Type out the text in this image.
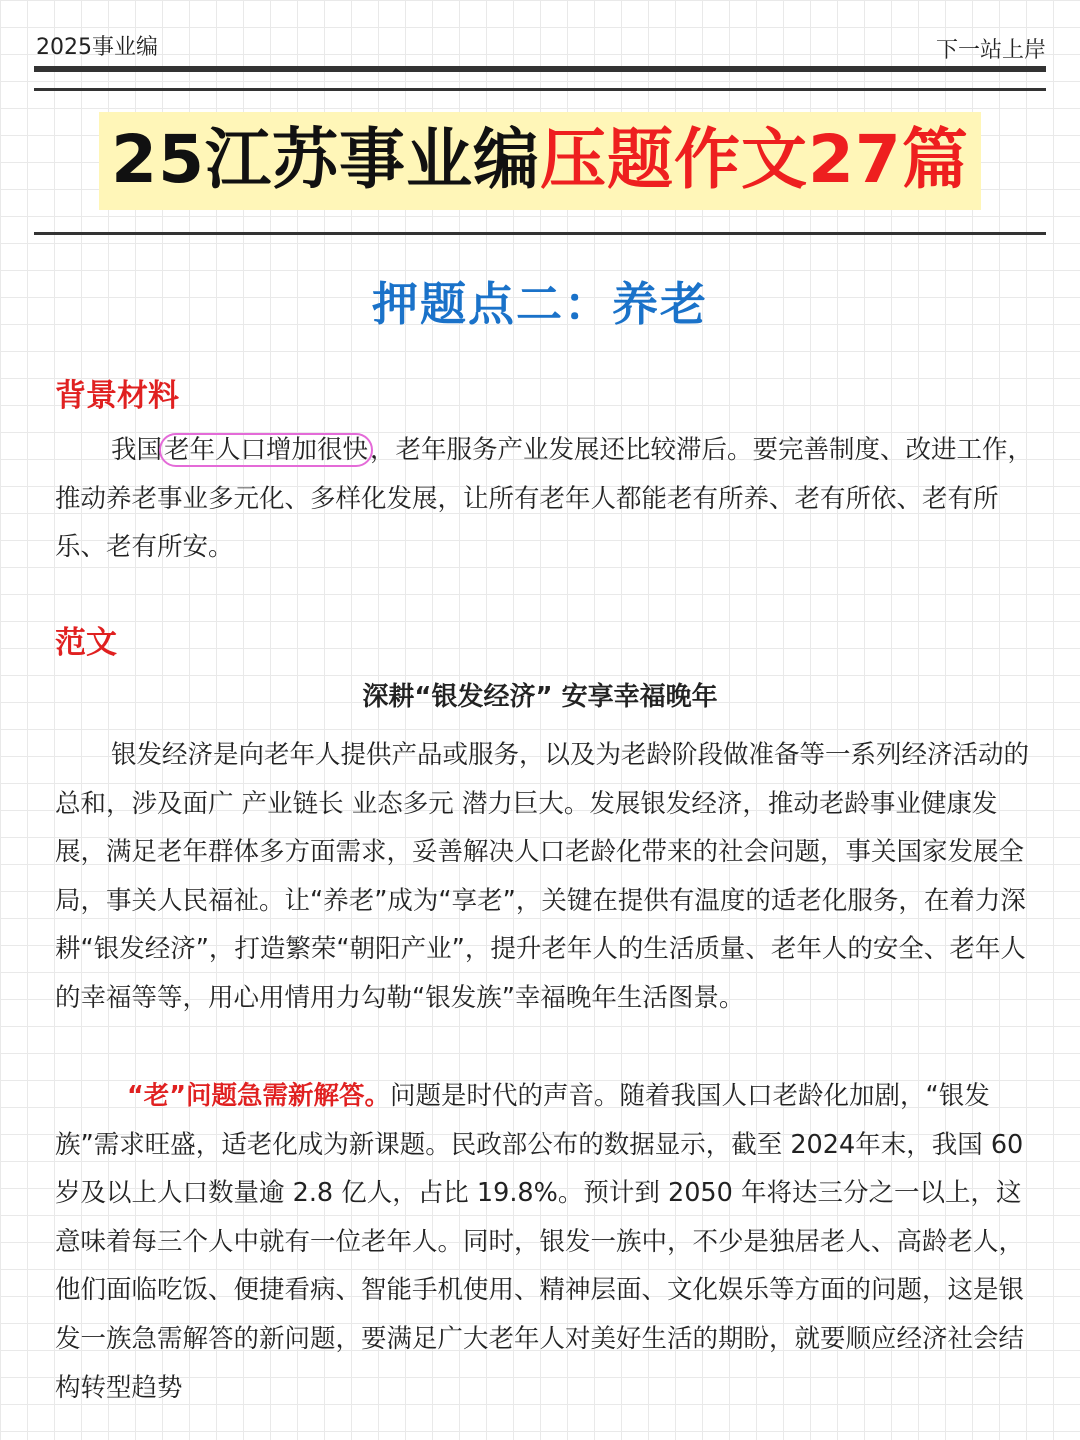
2025事业编	下一站上岸
25江苏事业编压题作文27篇
押题点二：养老
背景材料
我国老年人口增加很快，老年服务产业发展还比较滞后。要完善制度、改进工作，推动养老事业多元化、多样化发展，让所有老年人都能老有所养、老有所依、老有所乐、老有所安。
范文
深耕“银发经济” 安享幸福晚年
银发经济是向老年人提供产品或服务，以及为老龄阶段做准备等一系列经济活动的总和，涉及面广 产业链长 业态多元 潜力巨大。发展银发经济，推动老龄事业健康发展，满足老年群体多方面需求，妥善解决人口老龄化带来的社会问题，事关国家发展全局，事关人民福祉。让“养老”成为“享老”，关键在提供有温度的适老化服务，在着力深耕“银发经济”，打造繁荣“朝阳产业”，提升老年人的生活质量、老年人的安全、老年人的幸福等等，用心用情用力勾勒“银发族”幸福晚年生活图景。
“老”问题急需新解答。问题是时代的声音。随着我国人口老龄化加剧，“银发族”需求旺盛，适老化成为新课题。民政部公布的数据显示，截至 2024年末，我国 60 岁及以上人口数量逾 2.8 亿人，占比 19.8%。预计到 2050 年将达三分之一以上，这意味着每三个人中就有一位老年人。同时，银发一族中，不少是独居老人、高龄老人，他们面临吃饭、便捷看病、智能手机使用、精神层面、文化娱乐等方面的问题，这是银发一族急需解答的新问题，要满足广大老年人对美好生活的期盼，就要顺应经济社会结构转型趋势
